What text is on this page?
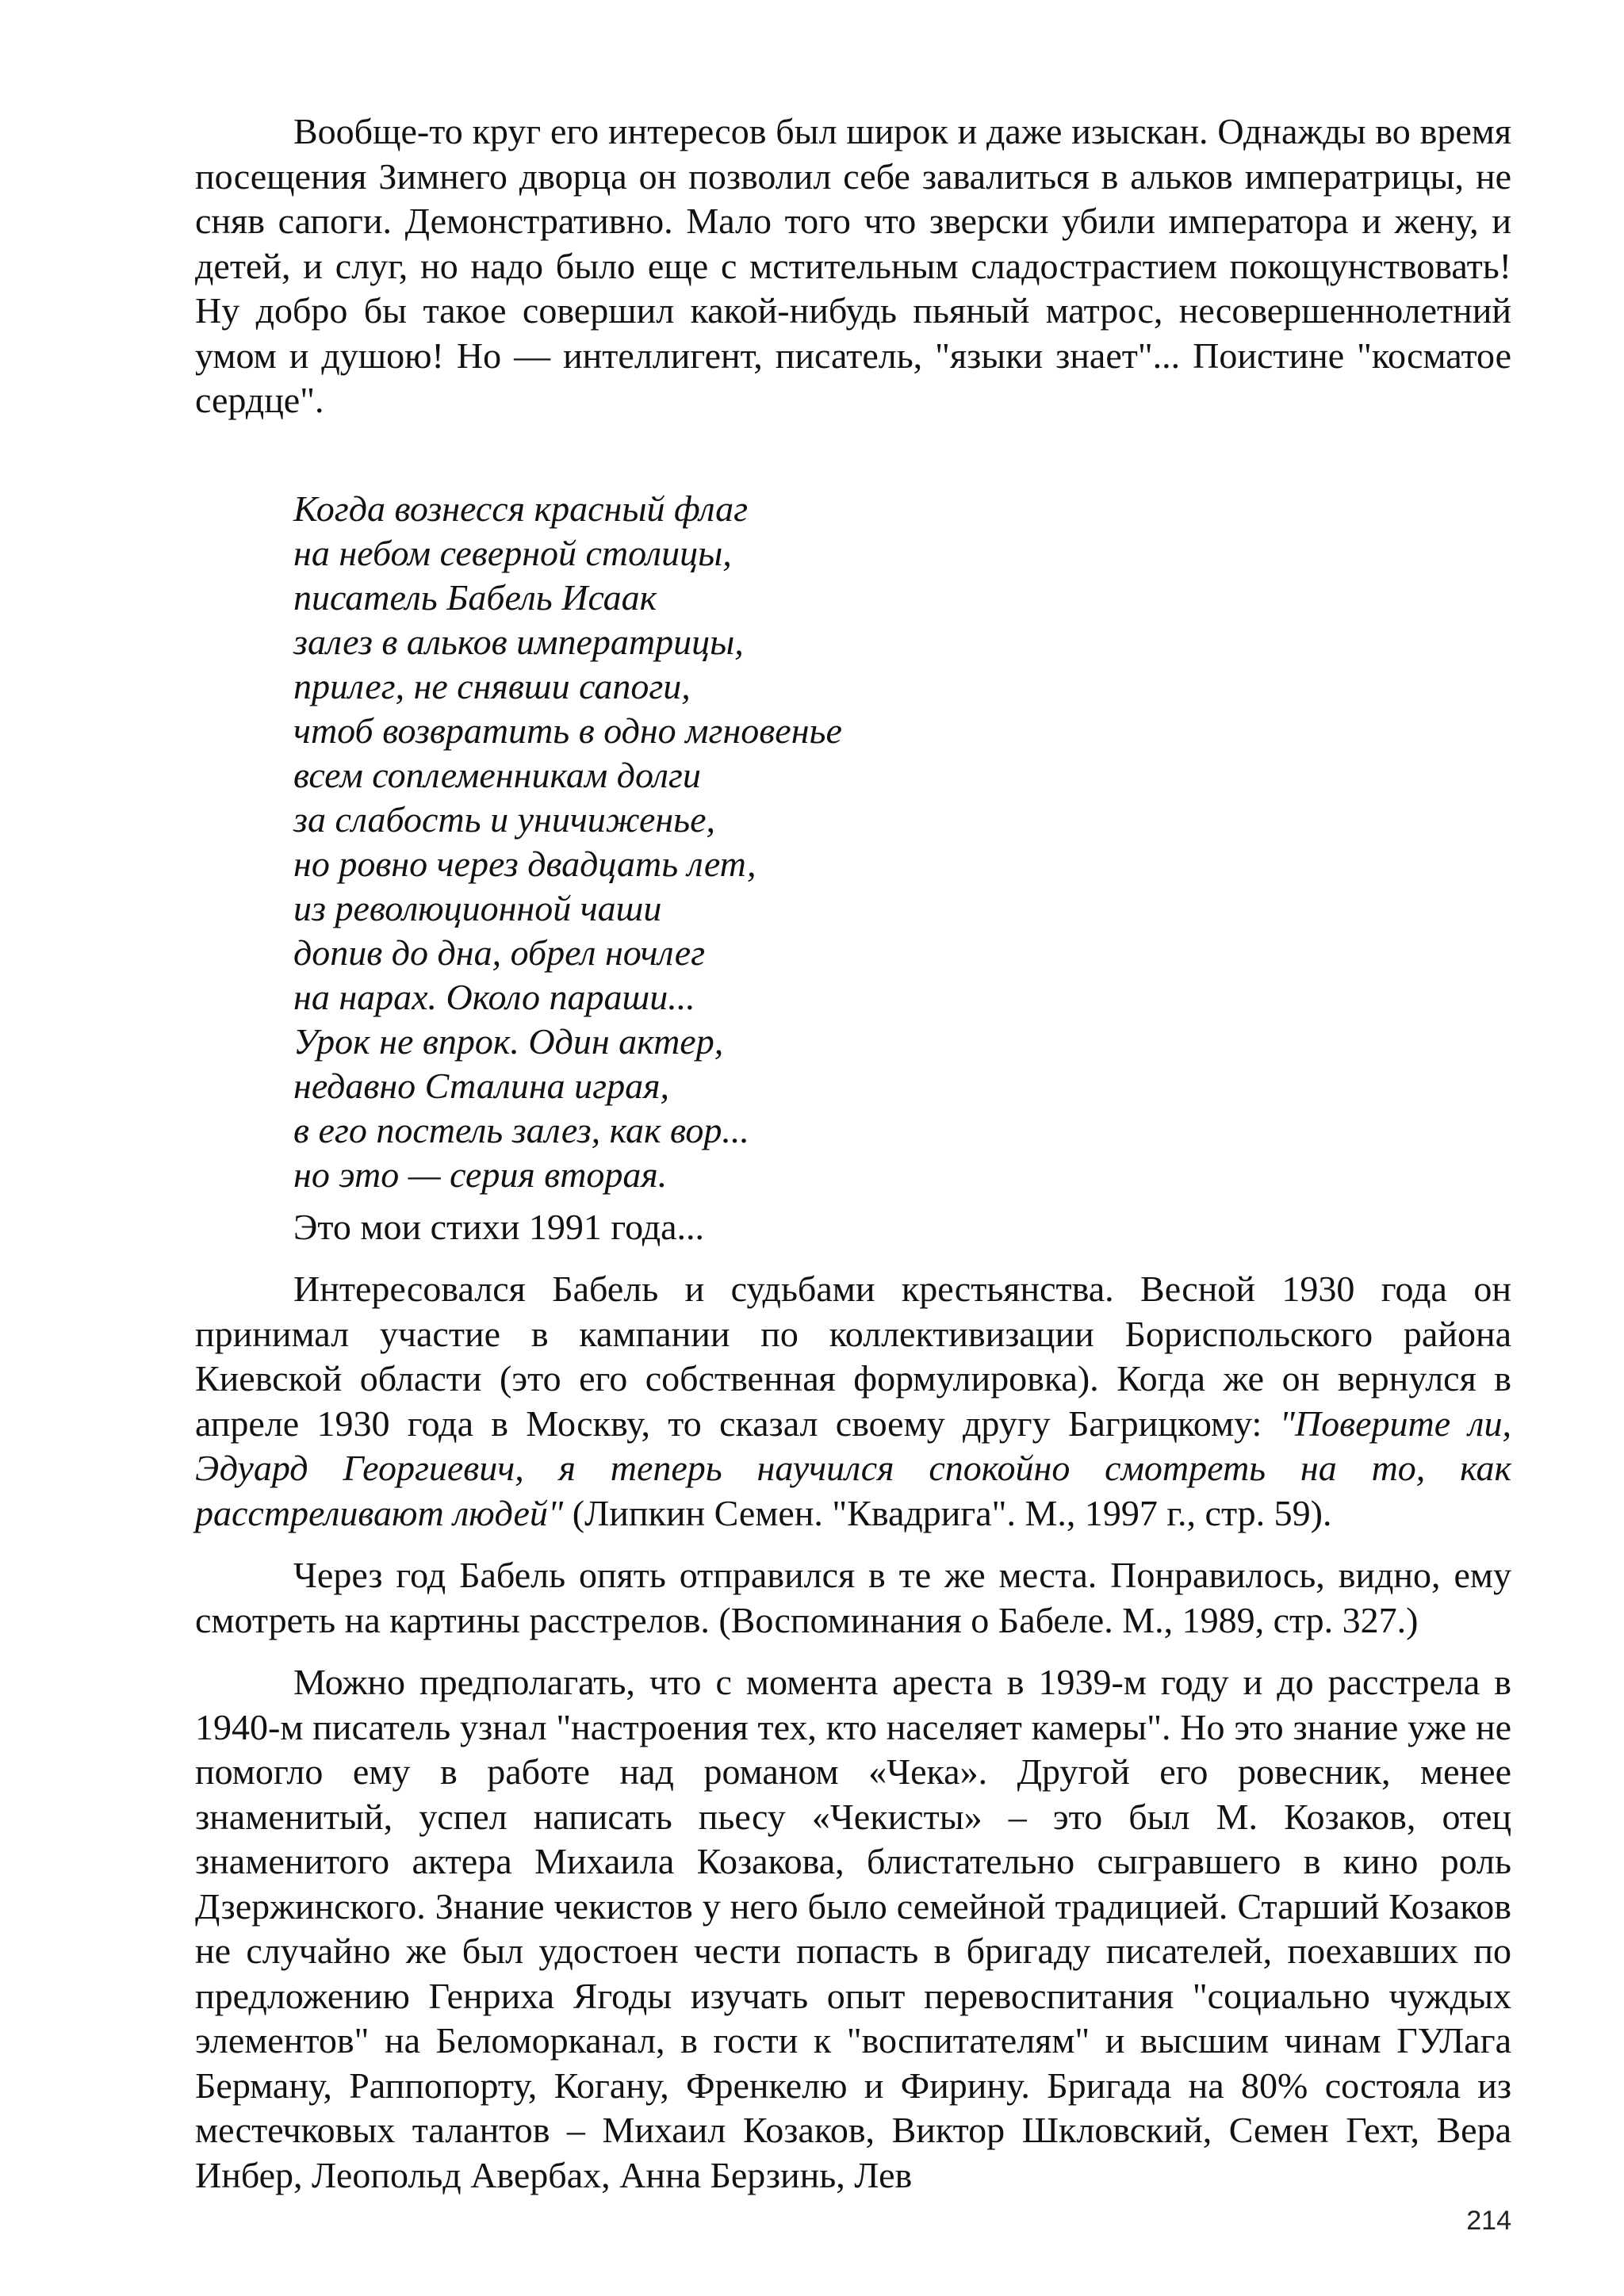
Вообще-то круг его интересов был широк и даже изыскан. Однажды во время посещения Зимнего дворца он позволил себе завалиться в альков императрицы, не сняв сапоги. Демонстративно. Мало того что зверски убили императора и жену, и детей, и слуг, но надо было еще с мстительным сладострастием покощунствовать! Ну добро бы такое совершил какой-нибудь пьяный матрос, несовершеннолетний умом и душою! Но — интеллигент, писатель, "языки знает"... Поистине "косматое сердце".

Когда вознесся красный флаг
на небом северной столицы,
писатель Бабель Исаак
залез в альков императрицы,
прилег, не снявши сапоги,
чтоб возвратить в одно мгновенье
всем соплеменникам долги
за слабость и уничиженье,
но ровно через двадцать лет,
из революционной чаши
допив до дна, обрел ночлег
на нарах. Около параши...
Урок не впрок. Один актер,
недавно Сталина играя,
в его постель залез, как вор...
но это — серия вторая.

Это мои стихи 1991 года...

Интересовался Бабель и судьбами крестьянства. Весной 1930 года он принимал участие в кампании по коллективизации Бориспольского района Киевской области (это его собственная формулировка). Когда же он вернулся в апреле 1930 года в Москву, то сказал своему другу Багрицкому: "Поверите ли, Эдуард Георгиевич, я теперь научился спокойно смотреть на то, как расстреливают людей" (Липкин Семен. "Квадрига". М., 1997 г., стр. 59).

Через год Бабель опять отправился в те же места. Понравилось, видно, ему смотреть на картины расстрелов. (Воспоминания о Бабеле. М., 1989, стр. 327.)

Можно предполагать, что с момента ареста в 1939-м году и до расстрела в 1940-м писатель узнал "настроения тех, кто населяет камеры". Но это знание уже не помогло ему в работе над романом «Чека». Другой его ровесник, менее знаменитый, успел написать пьесу «Чекисты» – это был М. Козаков, отец знаменитого актера Михаила Козакова, блистательно сыгравшего в кино роль Дзержинского. Знание чекистов у него было семейной традицией. Старший Козаков не случайно же был удостоен чести попасть в бригаду писателей, поехавших по предложению Генриха Ягоды изучать опыт перевоспитания "социально чуждых элементов" на Беломорканал, в гости к "воспитателям" и высшим чинам ГУЛага Берману, Раппопорту, Когану, Френкелю и Фирину. Бригада на 80% состояла из местечковых талантов – Михаил Козаков, Виктор Шкловский, Семен Гехт, Вера Инбер, Леопольд Авербах, Анна Берзинь, Лев

214
